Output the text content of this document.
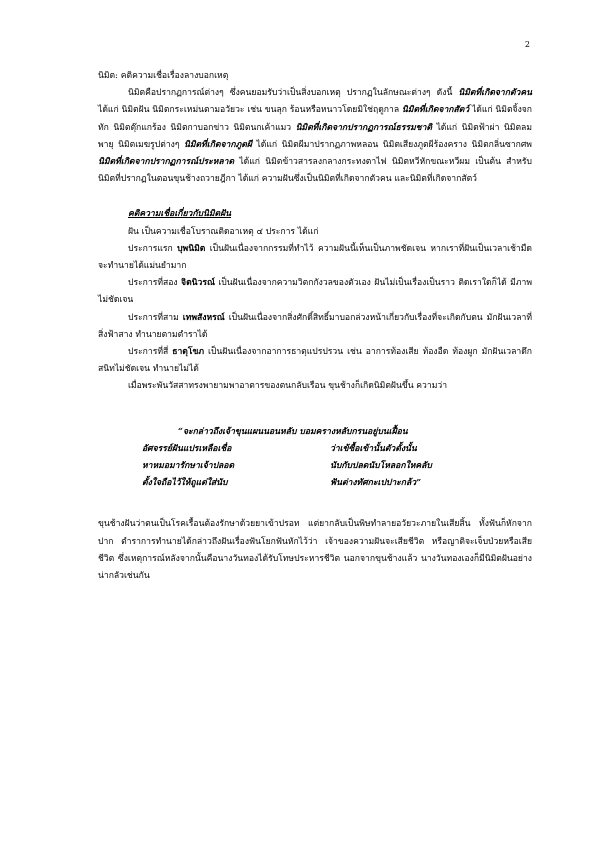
2

นิมิต: คติความเชื่อเรื่องลางบอกเหตุ

นิมิตคือปรากฏการณ์ต่างๆ ซึ่งคนยอมรับว่าเป็นสิ่งบอกเหตุ ปรากฏในลักษณะต่างๆ ดังนี้ นิมิตที่เกิดจากตัวคน ได้แก่ นิมิตฝัน นิมิตกระเหม่นตามอวัยวะ เช่น ขนลุก ร้อนหรือหนาวโดยมิใช่ฤดูกาล นิมิตที่เกิดจากสัตว์ ได้แก่ นิมิตจิ้งจกทัก นิมิตตุ๊กแกร้อง นิมิตกาบอกข่าว นิมิตนกเค้าแมว นิมิตที่เกิดจากปรากฏการณ์ธรรมชาติ ได้แก่ นิมิตฟ้าผ่า นิมิตลมพายุ นิมิตเมฆรูปต่างๆ นิมิตที่เกิดจากภูตผี ได้แก่ นิมิตผีมาปรากฏภาพหลอน นิมิตเสียงภูตผีร้องคราง นิมิตกลิ่นซากศพ นิมิตที่เกิดจากปรากฏการณ์ประหลาด ได้แก่ นิมิตข้าวสารลงกลางกระทงตาไฟ นิมิตหวีหักขณะหวีผม เป็นต้น สำหรับนิมิตที่ปรากฏในตอนขุนช้างถวายฎีกา ได้แก่ ความฝันซึ่งเป็นนิมิตที่เกิดจากตัวคน และนิมิตที่เกิดจากสัตว์

คติความเชื่อเกี่ยวกับนิมิตฝัน

ฝัน เป็นความเชื่อโบราณติดอาเหตุ ๔ ประการ ได้แก่

ประการแรก บุพนิมิต เป็นฝันเนื่องจากกรรมที่ทำไว้ ความฝันนี้เห็นเป็นภาพชัดเจน หากเราที่ฝันเป็นเวลาเช้ามืดจะทำนายได้แม่นยำมาก

ประการที่สอง จิตนิวรณ์ เป็นฝันเนื่องจากความวิตกกังวลของตัวเอง ฝันไม่เป็นเรื่องเป็นราว ติดเราใดก็ได้ มีภาพไม่ชัดเจน

ประการที่สาม เทพสังหรณ์ เป็นฝันเนื่องจากสิ่งศักดิ์สิทธิ์มาบอกล่วงหน้าเกี่ยวกับเรื่องที่จะเกิดกับตน มักฝันเวลาที่สิ่งฟ้าสาง ทำนายตามตำราได้

ประการที่สี่ ธาตุโขภ เป็นฝันเนื่องจากอาการธาตุแปรปรวน เช่น อาการท้องเสีย ท้องอืด ท้องผูก มักฝันเวลาดึกสนิทไม่ชัดเจน ทำนายไม่ได้

เมื่อพระพันวัสสาทรงพายามพาอาตารของตนกลับเรือน ขุนช้างก็เกิดนิมิตฝันขึ้น ความว่า

“จะกล่าวถึงเจ้าขุนแผนนอนหลับ บอมครางหลับกรนอยู่บนเฝื้อน
อัศจรรย์ฝันแปรเหลือเชื่อ	ว่าเข้ซื้อเข้านั้นตัวตั้งนั้น
หาหมอมารักษาเจ้าปลอด	นับกับปลดนับโหลอกใหคลับ
ตั้งใจถือไว้ให้ถูแต่ใส่นับ	ฟันต่างทัศกะเปปาะกล้ว”

ขุนช้างฝันว่าตนเป็นโรคเรื้อนต้องรักษาด้วยยาเข้าปรอท แต่ยากลับเป็นพิษทำลายอวัยวะภายในเสียสิ้น ทั้งฟันก็หักจากปาก ตำราการทำนายได้กล่าวถึงฝันเรื่องฟันโยกฟันหักไว้ว่า เจ้าของความฝันจะเสียชีวิต หรือญาติจะเจ็บป่วยหรือเสียชีวิต ซึ่งเหตุการณ์หลังจากนั้นคือนางวันทองได้รับโทษประหารชีวิต นอกจากขุนช้างแล้ว นางวันทองเองก็มีนิมิตฝันอย่างน่ากลัวเช่นกัน
